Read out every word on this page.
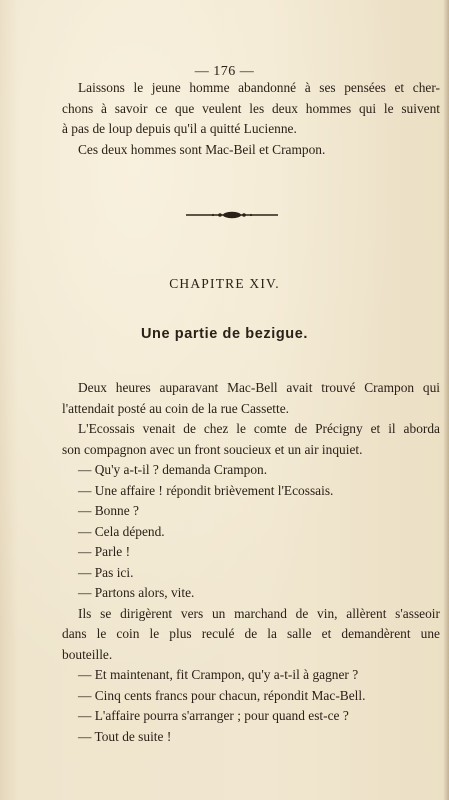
— 176 —
Laissons le jeune homme abandonné à ses pensées et cher-
chons à savoir ce que veulent les deux hommes qui le suivent
à pas de loup depuis qu'il a quitté Lucienne.
Ces deux hommes sont Mac-Beil et Crampon.
CHAPITRE XIV.
Une partie de bezigue.
Deux heures auparavant Mac-Bell avait trouvé Crampon qui
l'attendait posté au coin de la rue Cassette.
L'Ecossais venait de chez le comte de Précigny et il aborda
son compagnon avec un front soucieux et un air inquiet.
— Qu'y a-t-il ? demanda Crampon.
— Une affaire ! répondit brièvement l'Ecossais.
— Bonne ?
— Cela dépend.
— Parle !
— Pas ici.
— Partons alors, vite.
Ils se dirigèrent vers un marchand de vin, allèrent s'asseoir
dans le coin le plus reculé de la salle et demandèrent une
bouteille.
— Et maintenant, fit Crampon, qu'y a-t-il à gagner ?
— Cinq cents francs pour chacun, répondit Mac-Bell.
— L'affaire pourra s'arranger ; pour quand est-ce ?
— Tout de suite !
